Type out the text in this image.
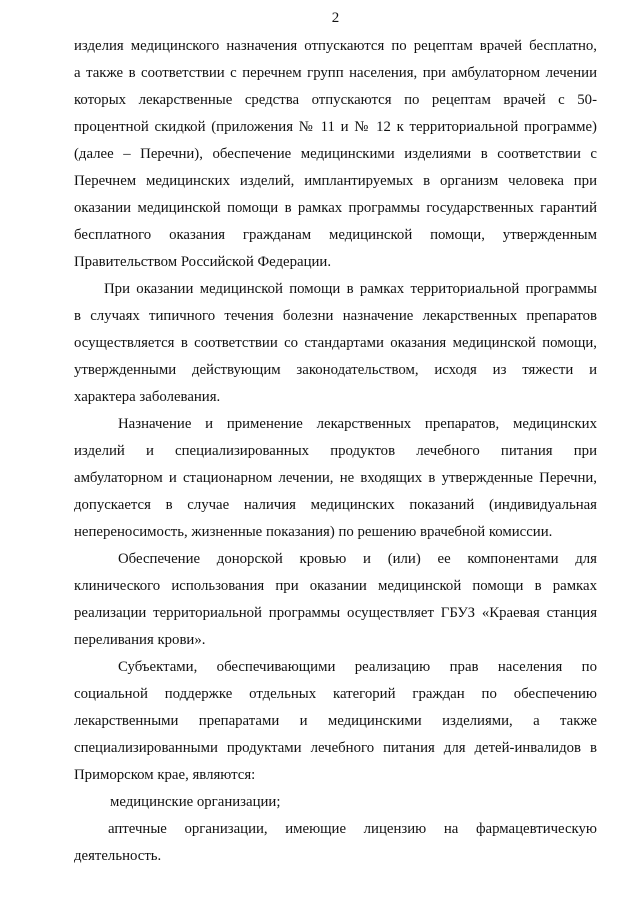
2
изделия медицинского назначения отпускаются по рецептам врачей бесплатно,
а также в соответствии с перечнем групп населения, при амбулаторном лечении
которых лекарственные средства отпускаются по рецептам врачей с 50-
процентной скидкой (приложения № 11 и № 12 к территориальной программе)
(далее – Перечни), обеспечение медицинскими изделиями в соответствии с
Перечнем медицинских изделий, имплантируемых в организм человека при
оказании медицинской помощи в рамках программы государственных гарантий
бесплатного оказания гражданам медицинской помощи, утвержденным
Правительством Российской Федерации.
При оказании медицинской помощи в рамках территориальной программы
в случаях типичного течения болезни назначение лекарственных препаратов
осуществляется в соответствии со стандартами оказания медицинской помощи,
утвержденными действующим законодательством, исходя из тяжести и
характера заболевания.
Назначение и применение лекарственных препаратов, медицинских
изделий и специализированных продуктов лечебного питания при
амбулаторном и стационарном лечении, не входящих в утвержденные Перечни,
допускается в случае наличия медицинских показаний (индивидуальная
непереносимость, жизненные показания) по решению врачебной комиссии.
Обеспечение донорской кровью и (или) ее компонентами для
клинического использования при оказании медицинской помощи в рамках
реализации территориальной программы осуществляет ГБУЗ «Краевая станция
переливания крови».
Субъектами, обеспечивающими реализацию прав населения по
социальной поддержке отдельных категорий граждан по обеспечению
лекарственными препаратами и медицинскими изделиями, а также
специализированными продуктами лечебного питания для детей-инвалидов в
Приморском крае, являются:
медицинские организации;
аптечные организации, имеющие лицензию на фармацевтическую
деятельность.
